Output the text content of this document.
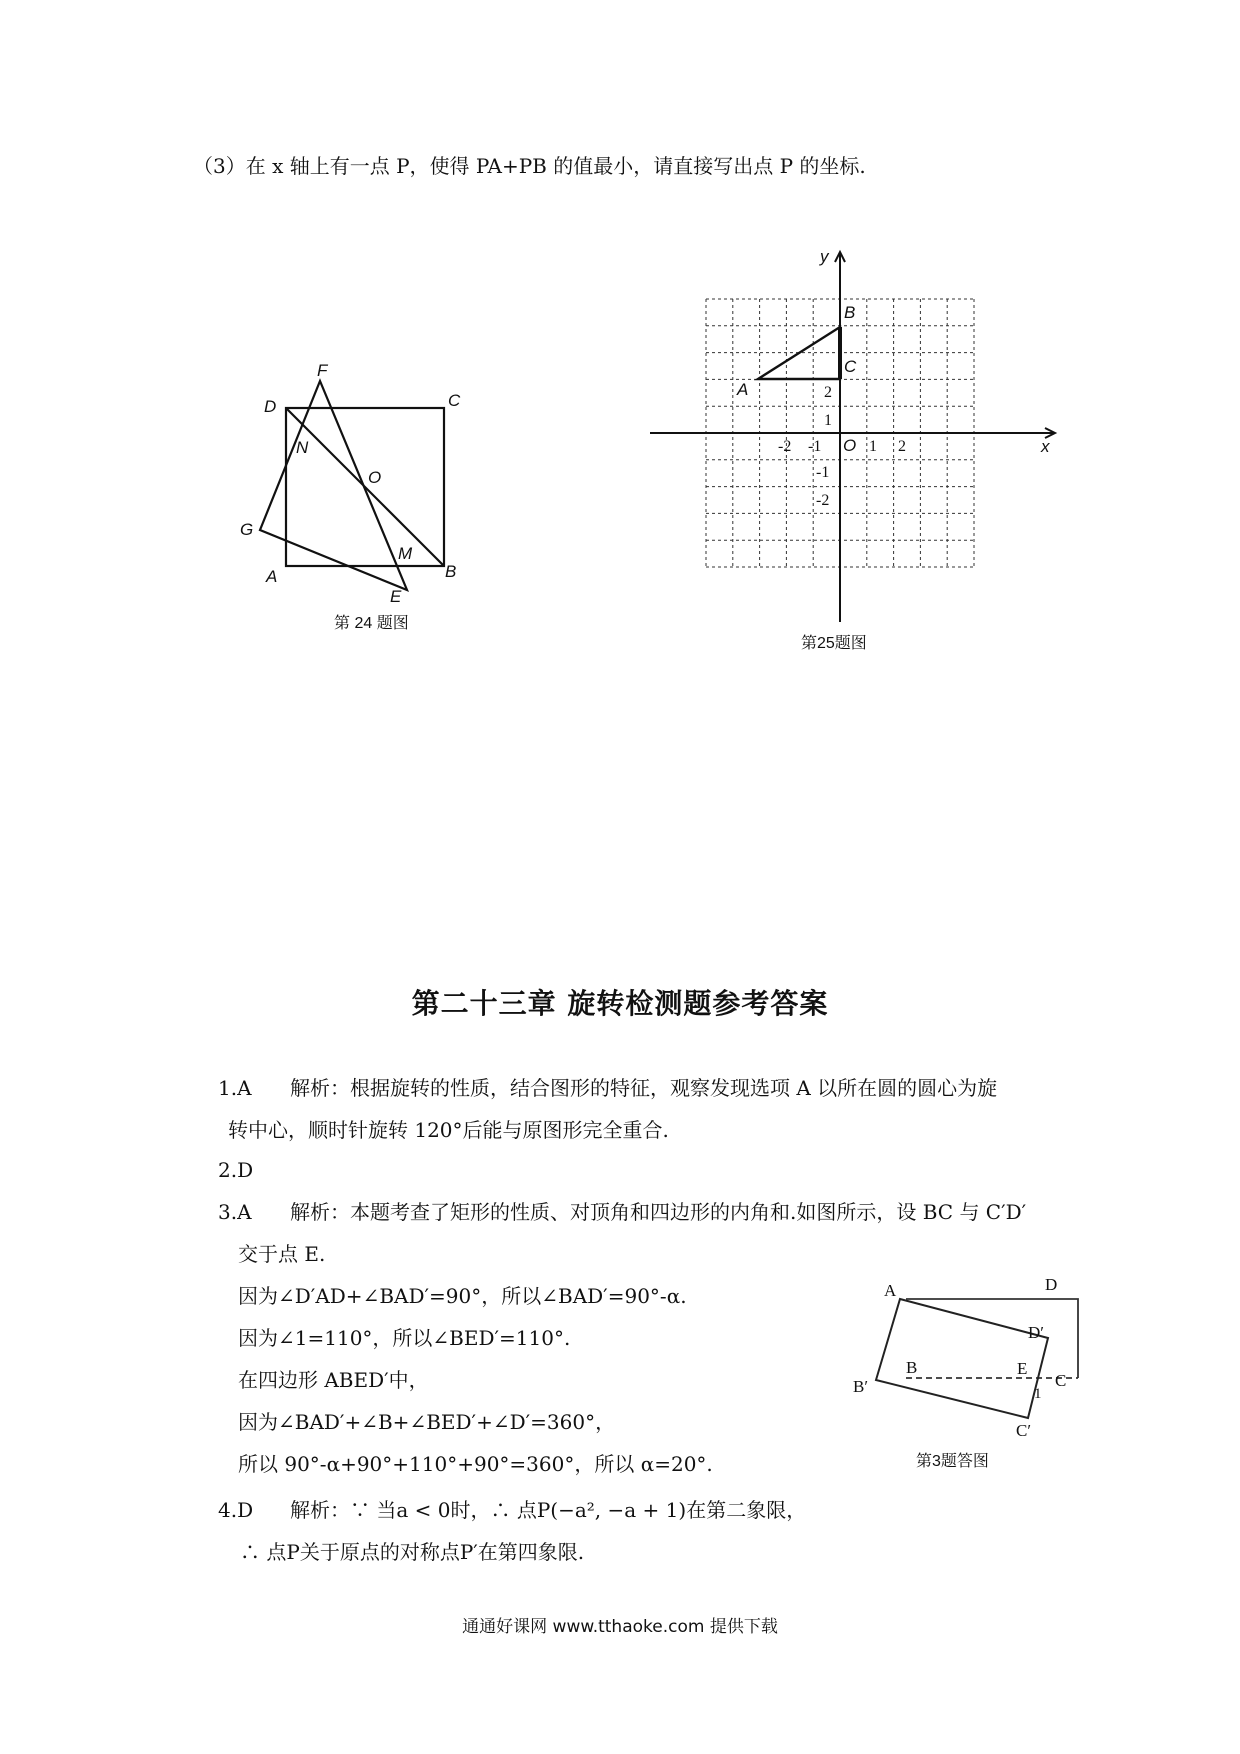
（3）在 x 轴上有一点 P，使得 PA+PB 的值最小，请直接写出点 P 的坐标.
F
D	C
N
O
G
M
A	B
E
第 24 题图
x
y
O
-2 -1	1 2
1
2
-1
-2
A
B
C
第25题图
第二十三章 旋转检测题参考答案
1.A 解析：根据旋转的性质，结合图形的特征，观察发现选项 A 以所在圆的圆心为旋
转中心，顺时针旋转 120°后能与原图形完全重合.
2.D
3.A 解析：本题考查了矩形的性质、对顶角和四边形的内角和.如图所示，设 BC 与 C′D′
交于点 E.
因为∠D′AD+∠BAD′=90°，所以∠BAD′=90°-α.
因为∠1=110°，所以∠BED′=110°.
在四边形 ABED′中，
因为∠BAD′+∠B+∠BED′+∠D′=360°，
所以 90°-α+90°+110°+90°=360°，所以 α=20°.
A	D
D′
B′
B	E
C
1
C′
第3题答图
4.D 解析：∵ 当a < 0时，∴ 点P(−a², −a + 1)在第二象限，
∴ 点P关于原点的对称点P′在第四象限.
通通好课网 www.tthaoke.com 提供下载
